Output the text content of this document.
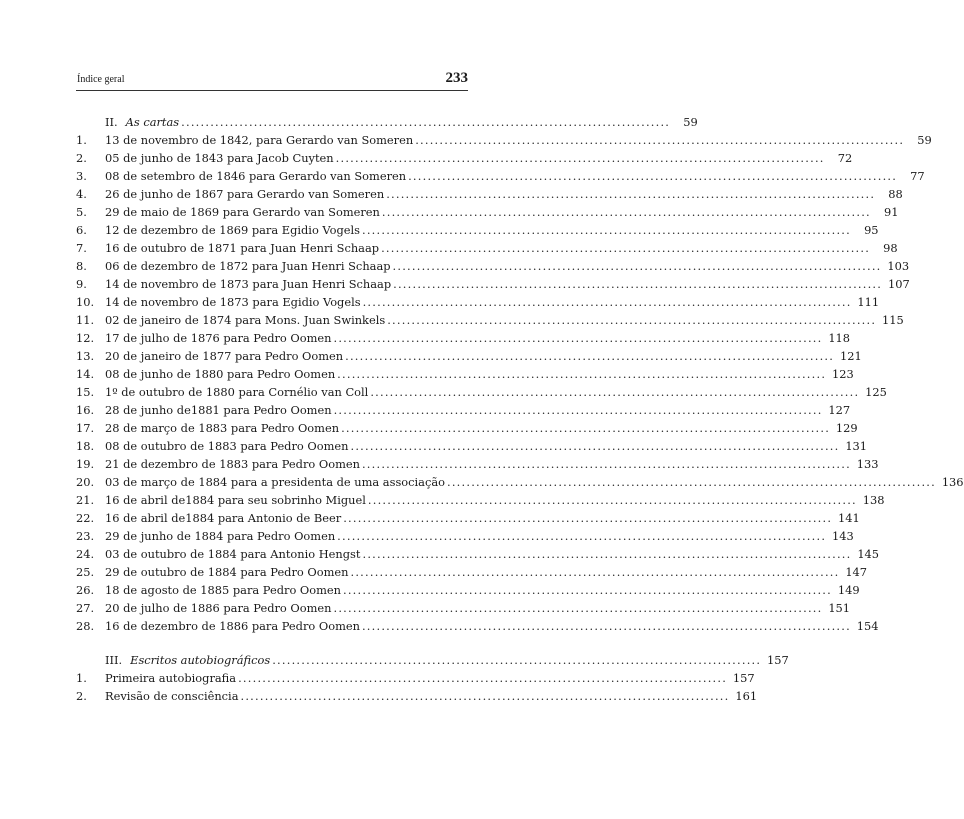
Índice geral	233
II. As cartas . . .	59
1. 13 de novembro de 1842, para Gerardo van Someren . . .	59
2. 05 de junho de 1843 para Jacob Cuyten . . .	72
3. 08 de setembro de 1846 para Gerardo van Someren . . .	77
4. 26 de junho de 1867 para Gerardo van Someren . . .	88
5. 29 de maio de 1869 para Gerardo van Someren . . .	91
6. 12 de dezembro de 1869 para Egidio Vogels . . .	95
7. 16 de outubro de 1871 para Juan Henri Schaap . . .	98
8. 06 de dezembro de 1872 para Juan Henri Schaap . . .	103
9. 14 de novembro de 1873 para Juan Henri Schaap . . .	107
10. 14 de novembro de 1873 para Egidio Vogels . . .	111
11. 02 de janeiro de 1874 para Mons. Juan Swinkels . . .	115
12. 17 de julho de 1876 para Pedro Oomen . . .	118
13. 20 de janeiro de 1877 para Pedro Oomen . . .	121
14. 08 de junho de 1880 para Pedro Oomen . . .	123
15. 1º de outubro de 1880 para Cornélio van Coll . . .	125
16. 28 de junho de1881 para Pedro Oomen . . .	127
17. 28 de março de 1883 para Pedro Oomen . . .	129
18. 08 de outubro de 1883 para Pedro Oomen . . .	131
19. 21 de dezembro de 1883 para Pedro Oomen . . .	133
20. 03 de março de 1884 para a presidenta de uma associação . . .	136
21. 16 de abril de1884 para seu sobrinho Miguel . . .	138
22. 16 de abril de1884 para Antonio de Beer . . .	141
23. 29 de junho de 1884 para Pedro Oomen . . .	143
24. 03 de outubro de 1884 para Antonio Hengst . . .	145
25. 29 de outubro de 1884 para Pedro Oomen . . .	147
26. 18 de agosto de 1885 para Pedro Oomen . . .	149
27. 20 de julho de 1886 para Pedro Oomen . . .	151
28. 16 de dezembro de 1886 para Pedro Oomen . . .	154
III. Escritos autobiográficos . . .	157
1. Primeira autobiografia . . .	157
2. Revisão de consciência . . .	161
